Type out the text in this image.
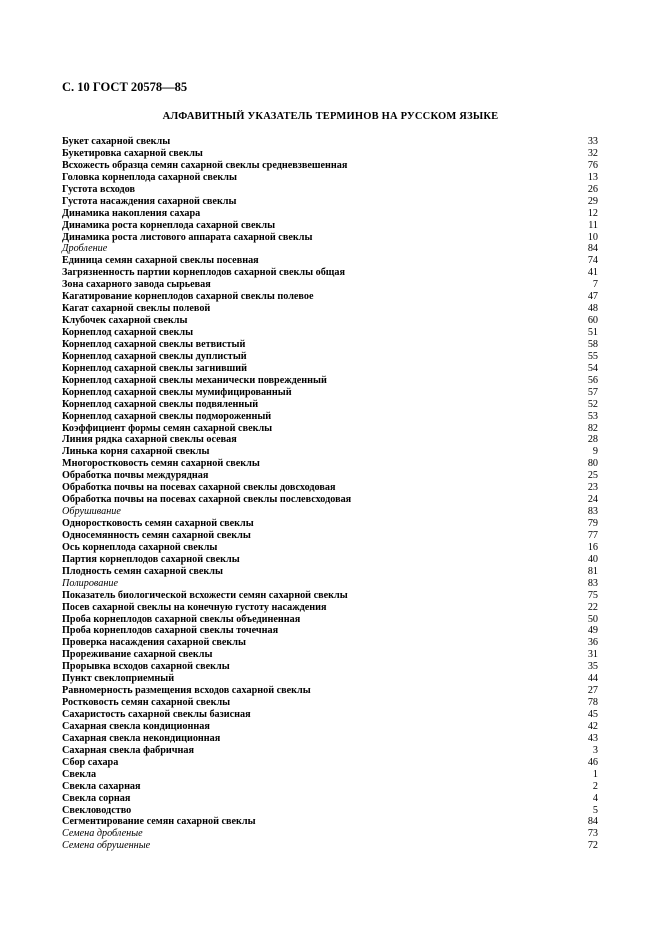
С. 10 ГОСТ 20578—85
АЛФАВИТНЫЙ УКАЗАТЕЛЬ ТЕРМИНОВ НА РУССКОМ ЯЗЫКЕ
Букет сахарной свеклы	33
Букетировка сахарной свеклы	32
Всхожесть образца семян сахарной свеклы средневзвешенная	76
Головка корнеплода сахарной свеклы	13
Густота всходов	26
Густота насаждения сахарной свеклы	29
Динамика накопления сахара	12
Динамика роста корнеплода сахарной свеклы	11
Динамика роста листового аппарата сахарной свеклы	10
Дробление	84
Единица семян сахарной свеклы посевная	74
Загрязненность партии корнеплодов сахарной свеклы общая	41
Зона сахарного завода сырьевая	7
Кагатирование корнеплодов сахарной свеклы полевое	47
Кагат сахарной свеклы полевой	48
Клубочек сахарной свеклы	60
Корнеплод сахарной свеклы	51
Корнеплод сахарной свеклы ветвистый	58
Корнеплод сахарной свеклы дуплистый	55
Корнеплод сахарной свеклы загнивший	54
Корнеплод сахарной свеклы механически поврежденный	56
Корнеплод сахарной свеклы мумифицированный	57
Корнеплод сахарной свеклы подвяленный	52
Корнеплод сахарной свеклы подмороженный	53
Коэффициент формы семян сахарной свеклы	82
Линия рядка сахарной свеклы осевая	28
Линька корня сахарной свеклы	9
Многоростковость семян сахарной свеклы	80
Обработка почвы междурядная	25
Обработка почвы на посевах сахарной свеклы довсходовая	23
Обработка почвы на посевах сахарной свеклы послевсходовая	24
Обрушивание	83
Одноростковость семян сахарной свеклы	79
Односемянность семян сахарной свеклы	77
Ось корнеплода сахарной свеклы	16
Партия корнеплодов сахарной свеклы	40
Плодность семян сахарной свеклы	81
Полирование	83
Показатель биологической всхожести семян сахарной свеклы	75
Посев сахарной свеклы на конечную густоту насаждения	22
Проба корнеплодов сахарной свеклы объединенная	50
Проба корнеплодов сахарной свеклы точечная	49
Проверка насаждения сахарной свеклы	36
Прореживание сахарной свеклы	31
Прорывка всходов сахарной свеклы	35
Пункт свеклоприемный	44
Равномерность размещения всходов сахарной свеклы	27
Ростковость семян сахарной свеклы	78
Сахаристость сахарной свеклы базисная	45
Сахарная свекла кондиционная	42
Сахарная свекла некондиционная	43
Сахарная свекла фабричная	3
Сбор сахара	46
Свекла	1
Свекла сахарная	2
Свекла сорная	4
Свекловодство	5
Сегментирование семян сахарной свеклы	84
Семена дробленые	73
Семена обрушенные	72
